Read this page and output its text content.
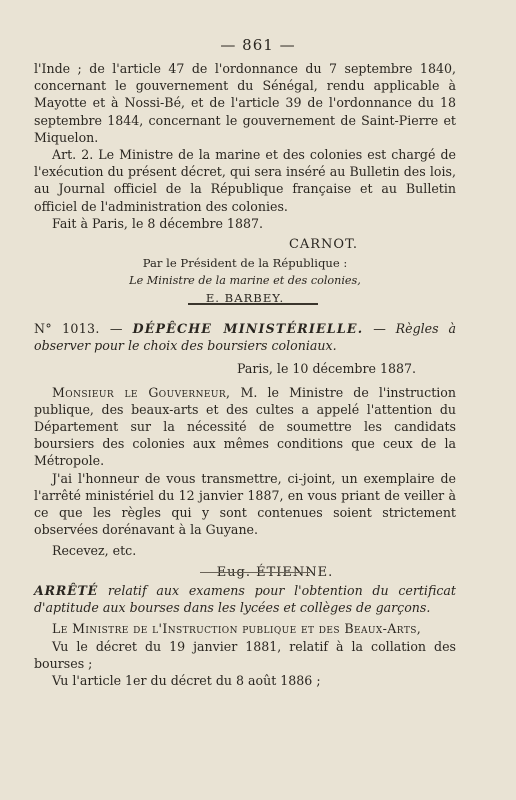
— 861 —

l'Inde ; de l'article 47 de l'ordonnance du 7 septembre 1840, concernant le gouvernement du Sénégal, rendu applicable à Mayotte et à Nossi-Bé, et de l'article 39 de l'ordonnance du 18 septembre 1844, concernant le gouvernement de Saint-Pierre et Miquelon.

Art. 2. Le Ministre de la marine et des colonies est chargé de l'exécution du présent décret, qui sera inséré au Bulletin des lois, au Journal officiel de la République française et au Bulletin officiel de l'administration des colonies.

Fait à Paris, le 8 décembre 1887.

CARNOT.

Par le Président de la République :

Le Ministre de la marine et des colonies,

E. BARBEY.

N° 1013. — DÉPÊCHE MINISTÉRIELLE. — Règles à observer pour le choix des boursiers coloniaux.

Paris, le 10 décembre 1887.

Monsieur le Gouverneur, M. le Ministre de l'instruction publique, des beaux-arts et des cultes a appelé l'attention du Département sur la nécessité de soumettre les candidats boursiers des colonies aux mêmes conditions que ceux de la Métropole.

J'ai l'honneur de vous transmettre, ci-joint, un exemplaire de l'arrêté ministériel du 12 janvier 1887, en vous priant de veiller à ce que les règles qui y sont contenues soient strictement observées dorénavant à la Guyane.

Recevez, etc.

Eug. ÉTIENNE.

ARRÊTÉ relatif aux examens pour l'obtention du certificat d'aptitude aux bourses dans les lycées et collèges de garçons.

Le Ministre de l'Instruction publique et des Beaux-Arts,

Vu le décret du 19 janvier 1881, relatif à la collation des bourses ;

Vu l'article 1er du décret du 8 août 1886 ;
